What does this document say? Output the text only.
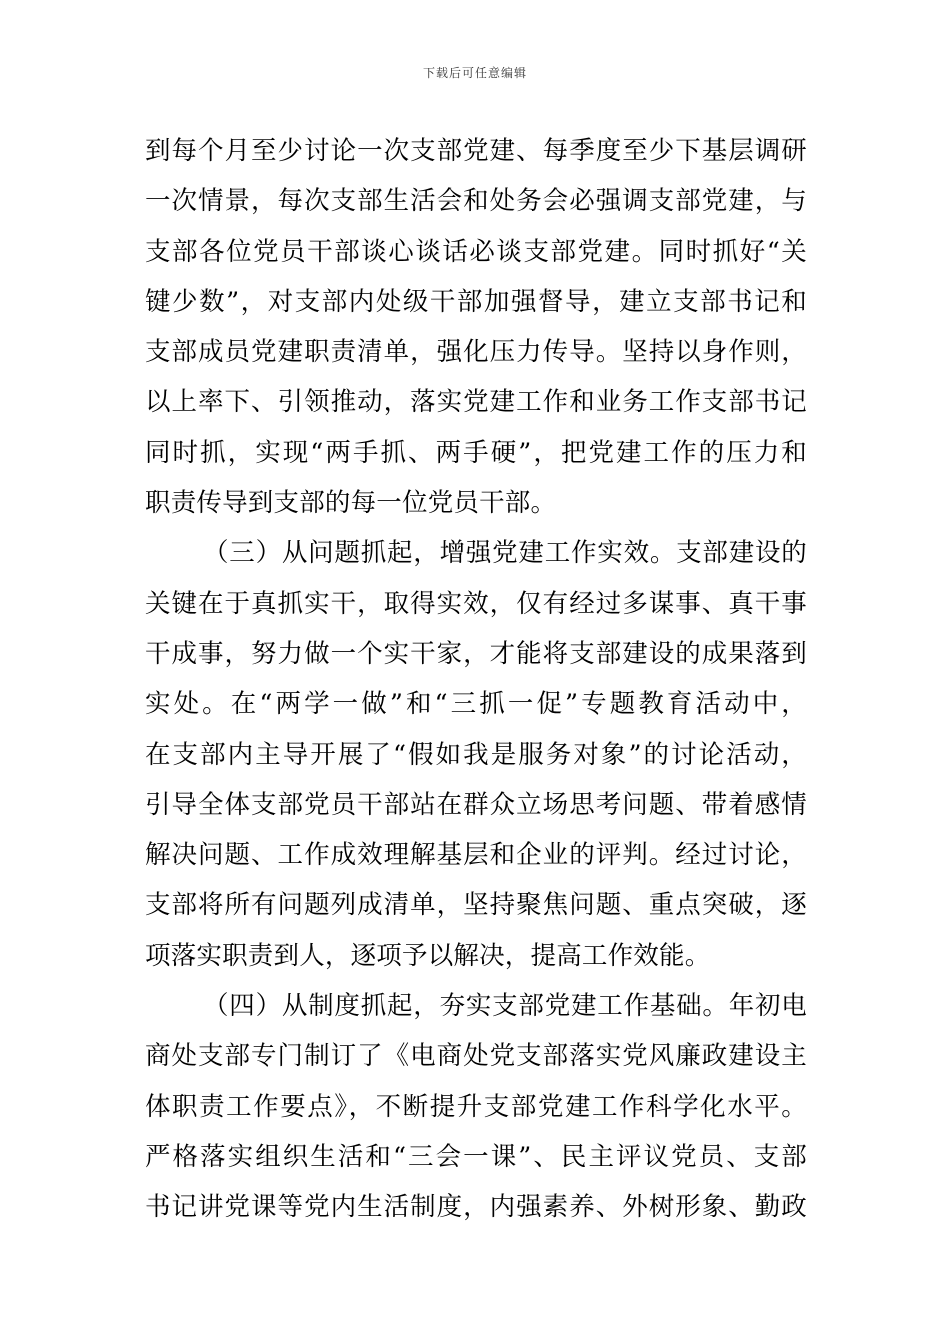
下载后可任意编辑
到每个月至少讨论一次支部党建、每季度至少下基层调研
一次情景，每次支部生活会和处务会必强调支部党建，与
支部各位党员干部谈心谈话必谈支部党建。同时抓好“关
键少数”，对支部内处级干部加强督导，建立支部书记和
支部成员党建职责清单，强化压力传导。坚持以身作则，
以上率下、引领推动，落实党建工作和业务工作支部书记
同时抓，实现“两手抓、两手硬”，把党建工作的压力和
职责传导到支部的每一位党员干部。
（三）从问题抓起，增强党建工作实效。支部建设的
关键在于真抓实干，取得实效，仅有经过多谋事、真干事
干成事，努力做一个实干家，才能将支部建设的成果落到
实处。在“两学一做”和“三抓一促”专题教育活动中，
在支部内主导开展了“假如我是服务对象”的讨论活动，
引导全体支部党员干部站在群众立场思考问题、带着感情
解决问题、工作成效理解基层和企业的评判。经过讨论，
支部将所有问题列成清单，坚持聚焦问题、重点突破，逐
项落实职责到人，逐项予以解决，提高工作效能。
（四）从制度抓起，夯实支部党建工作基础。年初电
商处支部专门制订了《电商处党支部落实党风廉政建设主
体职责工作要点》，不断提升支部党建工作科学化水平。
严格落实组织生活和“三会一课”、民主评议党员、支部
书记讲党课等党内生活制度，内强素养、外树形象、勤政
